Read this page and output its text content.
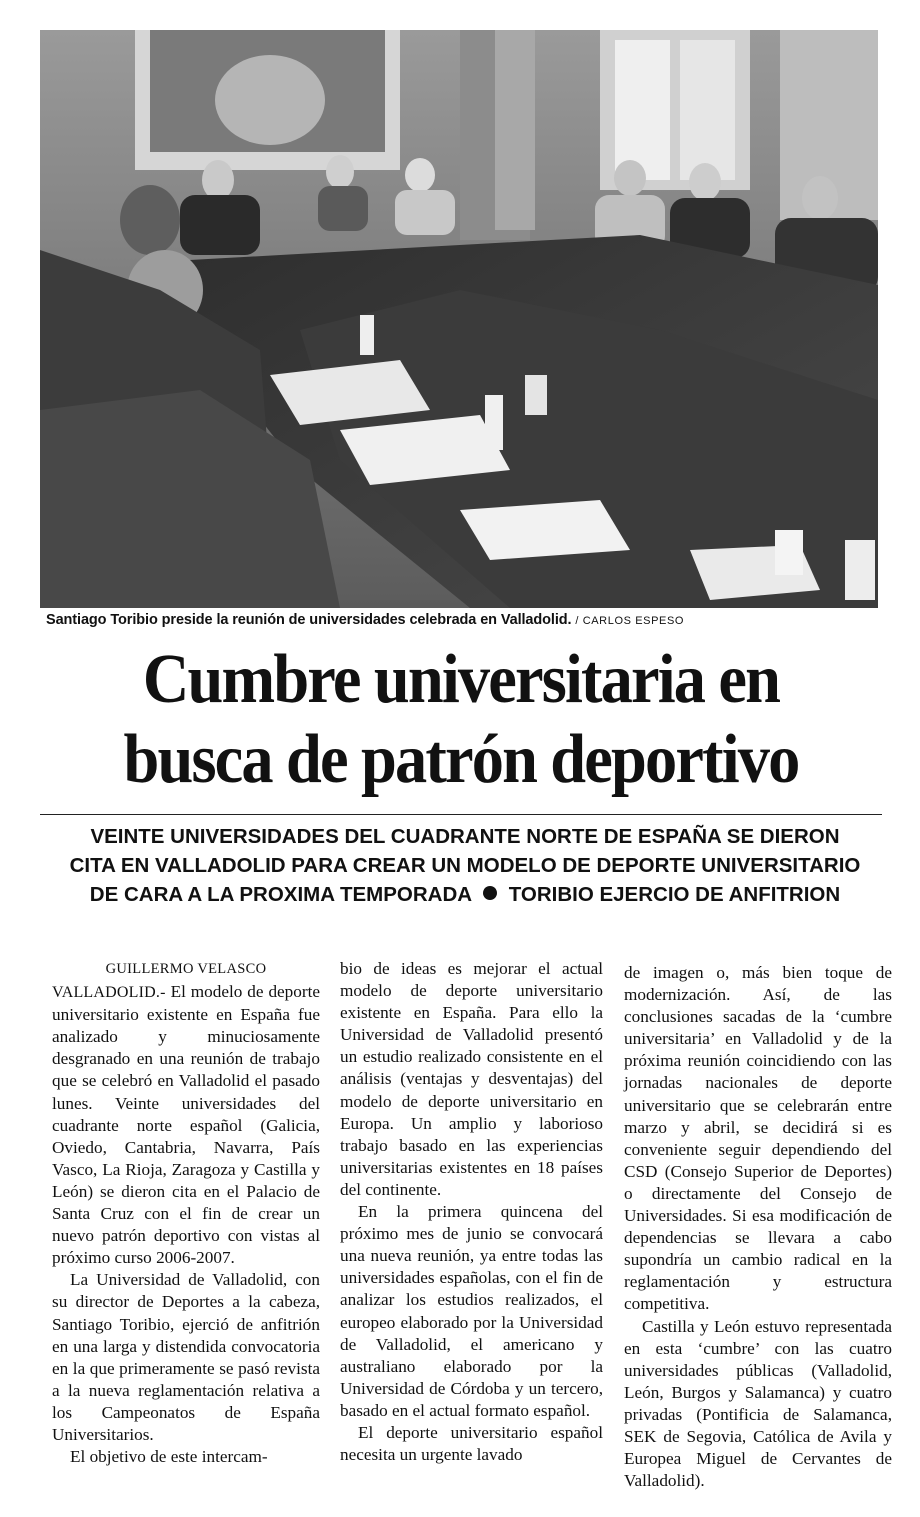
Santiago Toribio preside la reunión de universidades celebrada en Valladolid. / CARLOS ESPESO
Cumbre universitaria en
busca de patrón deportivo
VEINTE UNIVERSIDADES DEL CUADRANTE NORTE DE ESPAÑA SE DIERON
CITA EN VALLADOLID PARA CREAR UN MODELO DE DEPORTE UNIVERSITARIO
DE CARA A LA PROXIMA TEMPORADA TORIBIO EJERCIO DE ANFITRION
GUILLERMO VELASCO

VALLADOLID.- El modelo de deporte universitario existente en España fue analizado y minuciosamente desgranado en una reunión de trabajo que se celebró en Valladolid el pasado lunes. Veinte universidades del cuadrante norte español (Galicia, Oviedo, Cantabria, Navarra, País Vasco, La Rioja, Zaragoza y Castilla y León) se dieron cita en el Palacio de Santa Cruz con el fin de crear un nuevo patrón deportivo con vistas al próximo curso 2006-2007.

La Universidad de Valladolid, con su director de Deportes a la cabeza, Santiago Toribio, ejerció de anfitrión en una larga y distendida convocatoria en la que primeramente se pasó revista a la nueva reglamentación relativa a los Campeonatos de España Universitarios.

El objetivo de este intercam-

bio de ideas es mejorar el actual modelo de deporte universitario existente en España. Para ello la Universidad de Valladolid presentó un estudio realizado consistente en el análisis (ventajas y desventajas) del modelo de deporte universitario en Europa. Un amplio y laborioso trabajo basado en las experiencias universitarias existentes en 18 países del continente.

En la primera quincena del próximo mes de junio se convocará una nueva reunión, ya entre todas las universidades españolas, con el fin de analizar los estudios realizados, el europeo elaborado por la Universidad de Valladolid, el americano y australiano elaborado por la Universidad de Córdoba y un tercero, basado en el actual formato español.

El deporte universitario español necesita un urgente lavado

de imagen o, más bien toque de modernización. Así, de las conclusiones sacadas de la ‘cumbre universitaria’ en Valladolid y de la próxima reunión coincidiendo con las jornadas nacionales de deporte universitario que se celebrarán entre marzo y abril, se decidirá si es conveniente seguir dependiendo del CSD (Consejo Superior de Deportes) o directamente del Consejo de Universidades. Si esa modificación de dependencias se llevara a cabo supondría un cambio radical en la reglamentación y estructura competitiva.

Castilla y León estuvo representada en esta ‘cumbre’ con las cuatro universidades públicas (Valladolid, León, Burgos y Salamanca) y cuatro privadas (Pontificia de Salamanca, SEK de Segovia, Católica de Avila y Europea Miguel de Cervantes de Valladolid).
